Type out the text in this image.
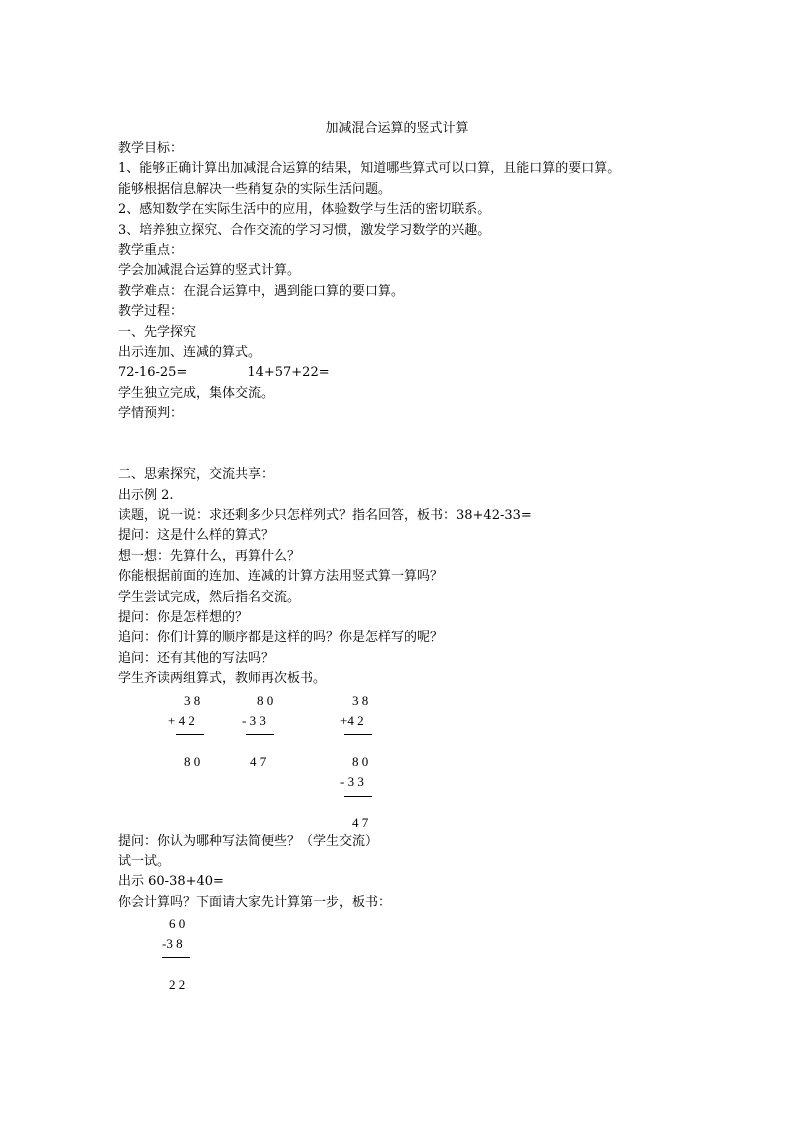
加减混合运算的竖式计算
教学目标：
1、能够正确计算出加减混合运算的结果，知道哪些算式可以口算，且能口算的要口算。
能够根据信息解决一些稍复杂的实际生活问题。
2、感知数学在实际生活中的应用，体验数学与生活的密切联系。
3、培养独立探究、合作交流的学习习惯，激发学习数学的兴趣。
教学重点：
学会加减混合运算的竖式计算。
教学难点：在混合运算中，遇到能口算的要口算。
教学过程：
一、先学探究
出示连加、连减的算式。
72-16-25=	14+57+22=
学生独立完成，集体交流。
学情预判：
二、思索探究，交流共享：
出示例 2.
读题，说一说：求还剩多少只怎样列式？指名回答，板书：38+42-33=
提问：这是什么样的算式？
想一想：先算什么，再算什么？
你能根据前面的连加、连减的计算方法用竖式算一算吗？
学生尝试完成，然后指名交流。
提问：你是怎样想的？
追问：你们计算的顺序都是这样的吗？你是怎样写的呢？
追问：还有其他的写法吗？
学生齐读两组算式，教师再次板书。
3 8
+ 4 2
8 0
8 0
- 3 3
4 7
3 8
+4 2
8 0
- 3 3
4 7
提问：你认为哪种写法简便些？（学生交流）
试一试。
出示 60-38+40=
你会计算吗？下面请大家先计算第一步，板书：
6 0
-3 8
2 2
